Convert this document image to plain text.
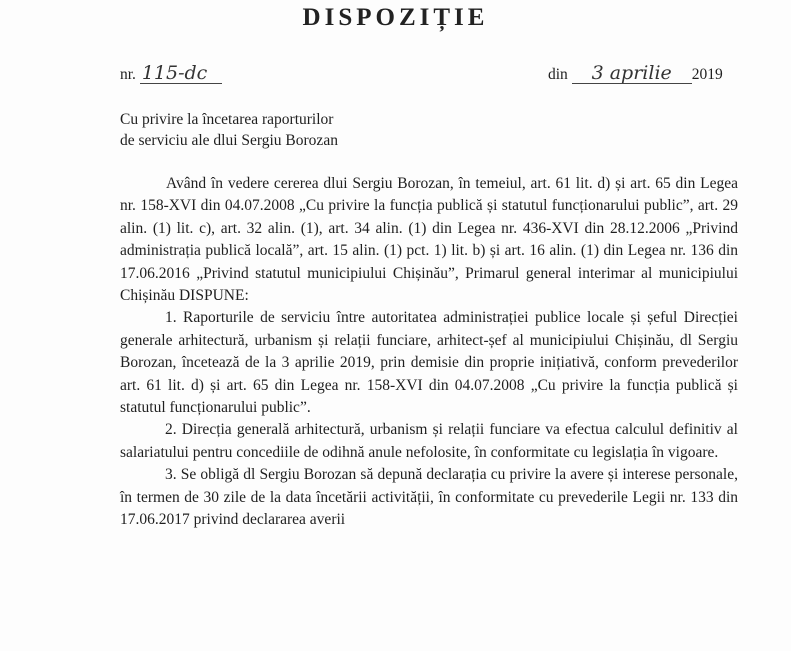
DISPOZIȚIE
nr. 115-dc	din 3 aprilie 2019
Cu privire la încetarea raporturilor
de serviciu ale dlui Sergiu Borozan

Având în vedere cererea dlui Sergiu Borozan, în temeiul, art. 61 lit. d) și art. 65 din Legea nr. 158-XVI din 04.07.2008 „Cu privire la funcția publică și statutul funcționarului public”, art. 29 alin. (1) lit. c), art. 32 alin. (1), art. 34 alin. (1) din Legea nr. 436-XVI din 28.12.2006 „Privind administrația publică locală”, art. 15 alin. (1) pct. 1) lit. b) și art. 16 alin. (1) din Legea nr. 136 din 17.06.2016 „Privind statutul municipiului Chișinău”, Primarul general interimar al municipiului Chișinău DISPUNE:

1. Raporturile de serviciu între autoritatea administrației publice locale și șeful Direcției generale arhitectură, urbanism și relații funciare, arhitect-șef al municipiului Chișinău, dl Sergiu Borozan, încetează de la 3 aprilie 2019, prin demisie din proprie inițiativă, conform prevederilor art. 61 lit. d) și art. 65 din Legea nr. 158-XVI din 04.07.2008 „Cu privire la funcția publică și statutul funcționarului public”.

2. Direcția generală arhitectură, urbanism și relații funciare va efectua calculul definitiv al salariatului pentru concediile de odihnă anule nefolosite, în conformitate cu legislația în vigoare.

3. Se obligă dl Sergiu Borozan să depună declarația cu privire la avere și interese personale, în termen de 30 zile de la data încetării activității, în conformitate cu prevederile Legii nr. 133 din 17.06.2017 privind declararea averii
